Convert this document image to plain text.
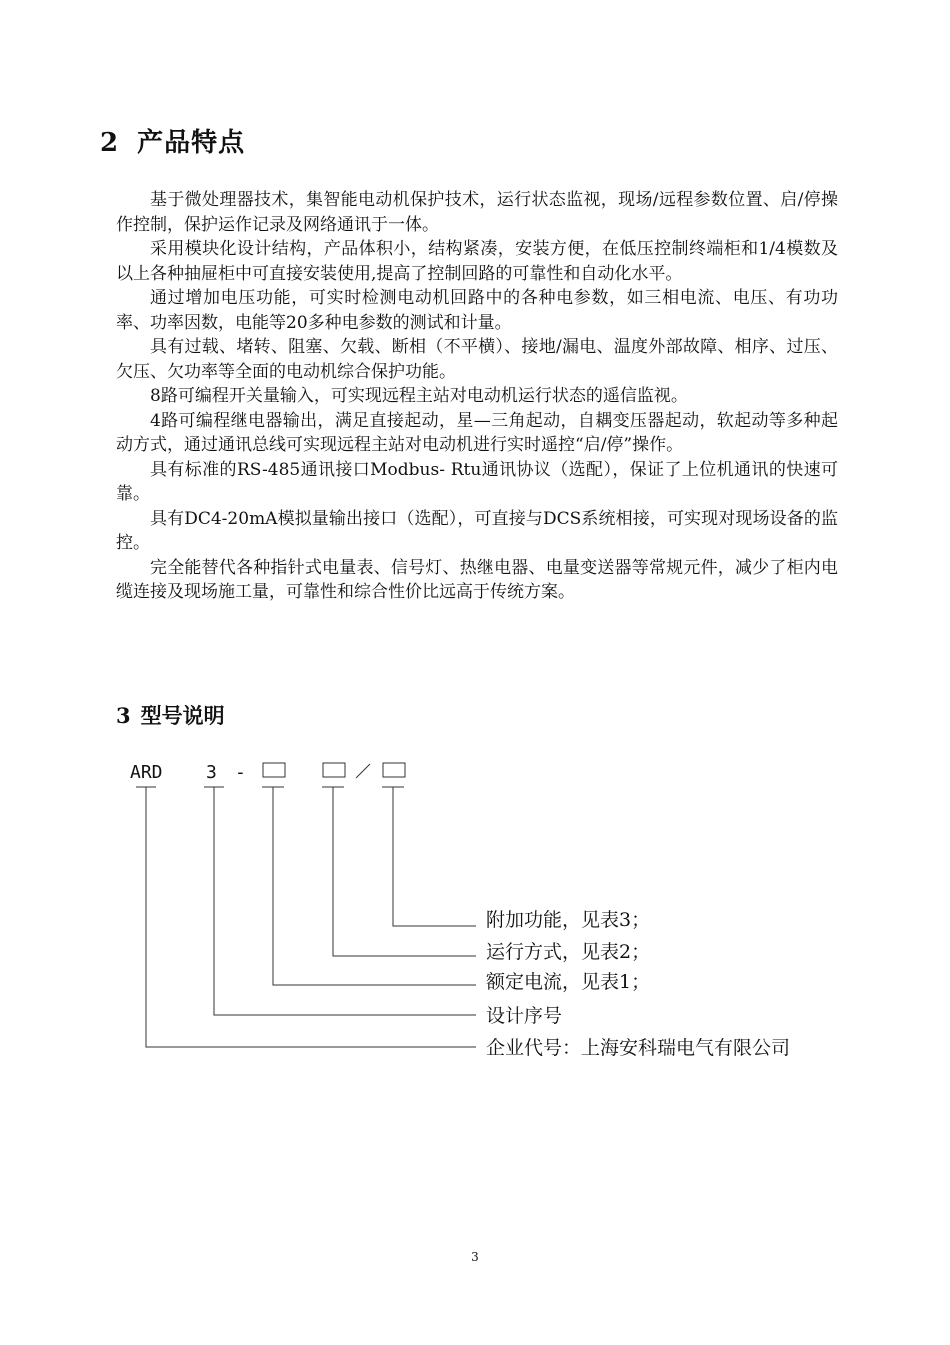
2 产品特点

基于微处理器技术，集智能电动机保护技术，运行状态监视，现场/远程参数位置、启/停操作控制，保护运作记录及网络通讯于一体。

采用模块化设计结构，产品体积小，结构紧凑，安装方便，在低压控制终端柜和1/4模数及以上各种抽屉柜中可直接安装使用,提高了控制回路的可靠性和自动化水平。

通过增加电压功能，可实时检测电动机回路中的各种电参数，如三相电流、电压、有功功率、功率因数，电能等20多种电参数的测试和计量。

具有过载、堵转、阻塞、欠载、断相（不平横）、接地/漏电、温度外部故障、相序、过压、欠压、欠功率等全面的电动机综合保护功能。

8路可编程开关量输入，可实现远程主站对电动机运行状态的遥信监视。

4路可编程继电器输出，满足直接起动，星—三角起动，自耦变压器起动，软起动等多种起动方式，通过通讯总线可实现远程主站对电动机进行实时遥控“启/停”操作。

具有标准的RS-485通讯接口Modbus- Rtu通讯协议（选配），保证了上位机通讯的快速可靠。

具有DC4-20mA模拟量输出接口（选配），可直接与DCS系统相接，可实现对现场设备的监控。

完全能替代各种指针式电量表、信号灯、热继电器、电量变送器等常规元件，减少了柜内电缆连接及现场施工量，可靠性和综合性价比远高于传统方案。

3 型号说明
ARD 3 -
附加功能，见表3；
运行方式，见表2；
额定电流，见表1；
设计序号
企业代号：上海安科瑞电气有限公司
3
